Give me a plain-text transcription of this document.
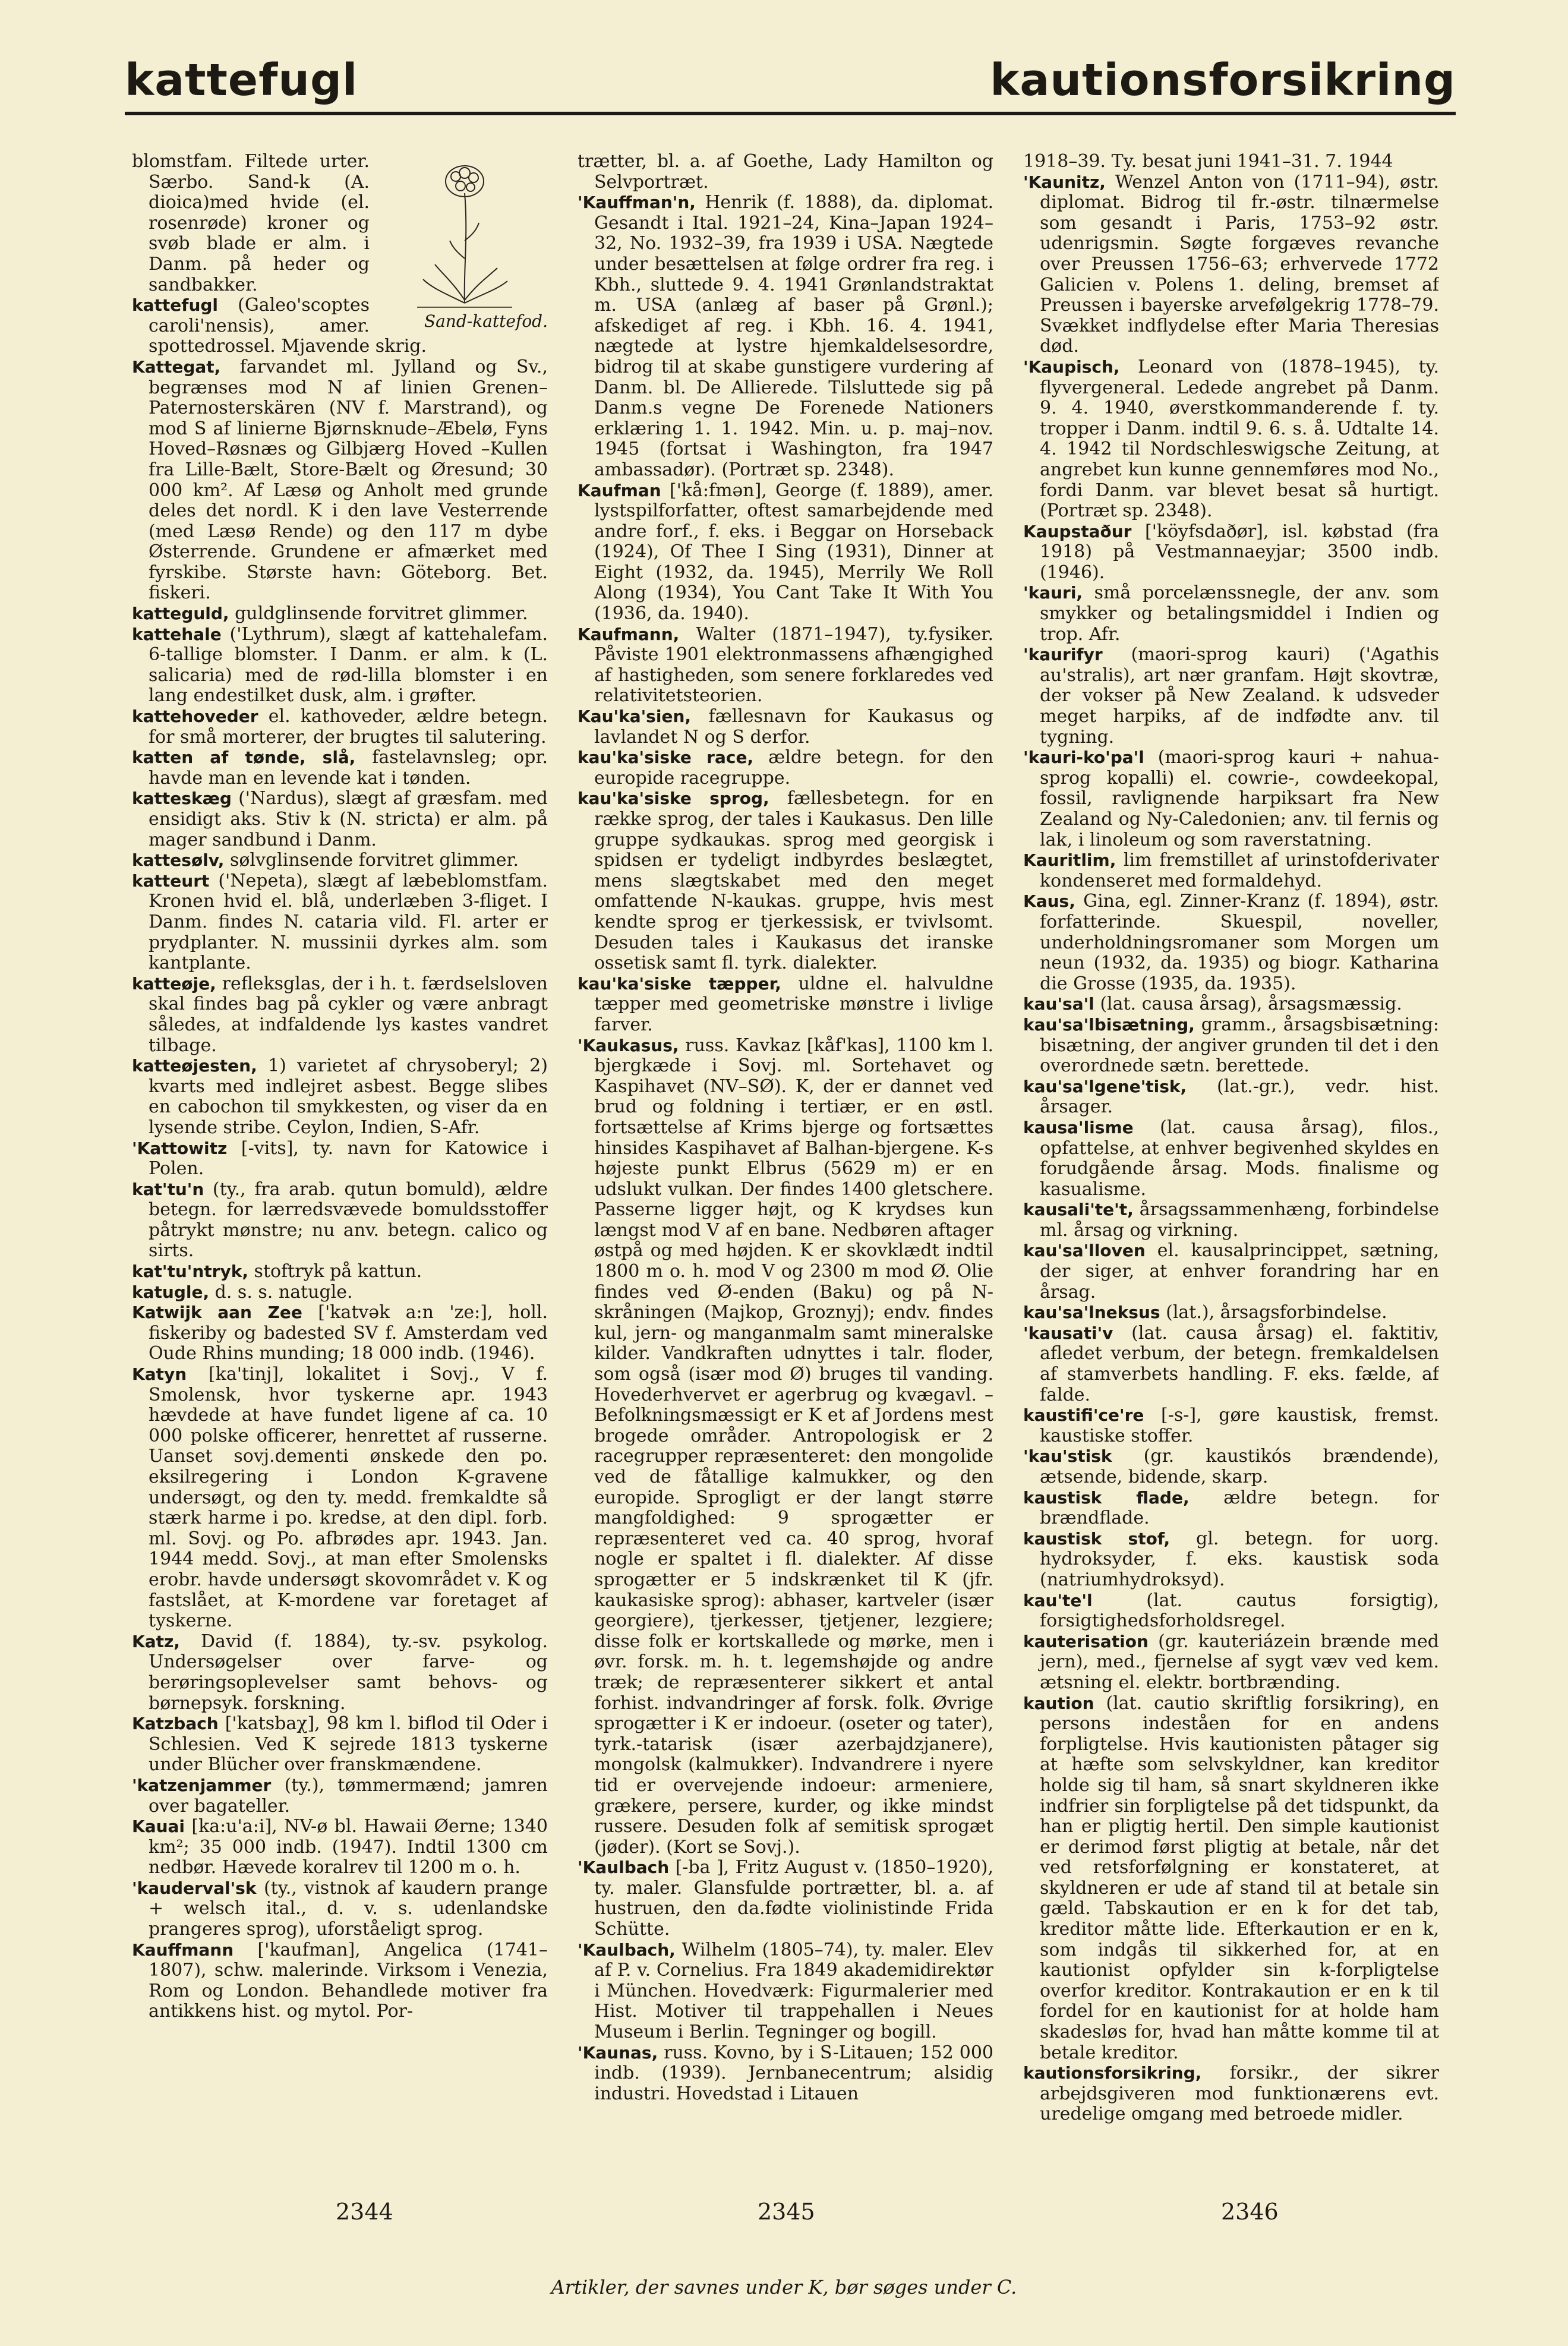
kattefugl	kautionsforsikring
Sand-kattefod.

blomstfam. Filtede urter. Særbo. Sand-k (A. dioica)med hvide (el. rosenrøde) kroner og svøb blade er alm. i Danm. på heder og sandbakker.

kattefugl (Galeo'scoptes caroli'nensis), amer. spottedrossel. Mjavende skrig.

Kattegat, farvandet ml. Jylland og Sv., begrænses mod N af linien Grenen–Paternosterskären (NV f. Marstrand), og mod S af linierne Bjørnsknude–Æbelø, Fyns Hoved–Røsnæs og Gilbjærg Hoved –Kullen fra Lille-Bælt, Store-Bælt og Øresund; 30 000 km². Af Læsø og Anholt med grunde deles det nordl. K i den lave Vesterrende (med Læsø Rende) og den 117 m dybe Østerrende. Grundene er afmærket med fyrskibe. Største havn: Göteborg. Bet. fiskeri.

katteguld, guldglinsende forvitret glimmer.

kattehale ('Lythrum), slægt af kattehalefam. 6-tallige blomster. I Danm. er alm. k (L. salicaria) med de rød-lilla blomster i en lang endestilket dusk, alm. i grøfter.

kattehoveder el. kathoveder, ældre betegn. for små morterer, der brugtes til salutering.

katten af tønde, slå, fastelavnsleg; opr. havde man en levende kat i tønden.

katteskæg ('Nardus), slægt af græsfam. med ensidigt aks. Stiv k (N. stricta) er alm. på mager sandbund i Danm.

kattesølv, sølvglinsende forvitret glimmer.

katteurt ('Nepeta), slægt af læbeblomstfam. Kronen hvid el. blå, underlæben 3-fliget. I Danm. findes N. cataria vild. Fl. arter er prydplanter. N. mussinii dyrkes alm. som kantplante.

katteøje, refleksglas, der i h. t. færdselsloven skal findes bag på cykler og være anbragt således, at indfaldende lys kastes vandret tilbage.

katteøjesten, 1) varietet af chrysoberyl; 2) kvarts med indlejret asbest. Begge slibes en cabochon til smykkesten, og viser da en lysende stribe. Ceylon, Indien, S-Afr.

'Kattowitz [-vits], ty. navn for Katowice i Polen.

kat'tu'n (ty., fra arab. qutun bomuld), ældre betegn. for lærredsvævede bomuldsstoffer påtrykt mønstre; nu anv. betegn. calico og sirts.

kat'tu'ntryk, stoftryk på kattun.

katugle, d. s. s. natugle.

Katwijk aan Zee ['katvək a:n 'ze:], holl. fiskeriby og badested SV f. Amsterdam ved Oude Rhins munding; 18 000 indb. (1946).

Katyn [ka'tinj], lokalitet i Sovj., V f. Smolensk, hvor tyskerne apr. 1943 hævdede at have fundet ligene af ca. 10 000 polske officerer, henrettet af russerne. Uanset sovj.dementi ønskede den po. eksilregering i London K-gravene undersøgt, og den ty. medd. fremkaldte så stærk harme i po. kredse, at den dipl. forb. ml. Sovj. og Po. afbrødes apr. 1943. Jan. 1944 medd. Sovj., at man efter Smolensks erobr. havde undersøgt skovområdet v. K og fastslået, at K-mordene var foretaget af tyskerne.

Katz, David (f. 1884), ty.-sv. psykolog. Undersøgelser over farve- og berøringsoplevelser samt behovs- og børnepsyk. forskning.

Katzbach ['katsbaχ], 98 km l. biflod til Oder i Schlesien. Ved K sejrede 1813 tyskerne under Blücher over franskmændene.

'katzenjammer (ty.), tømmermænd; jamren over bagateller.

Kauai [ka:u'a:i], NV-ø bl. Hawaii Øerne; 1340 km²; 35 000 indb. (1947). Indtil 1300 cm nedbør. Hævede koralrev til 1200 m o. h.

'kauderval'sk (ty., vistnok af kaudern prange + welsch ital., d. v. s. udenlandske prangeres sprog), uforståeligt sprog.

Kauffmann ['kaufman], Angelica (1741–1807), schw. malerinde. Virksom i Venezia, Rom og London. Behandlede motiver fra antikkens hist. og mytol. Por-

trætter, bl. a. af Goethe, Lady Hamilton og Selvportræt.

'Kauffman'n, Henrik (f. 1888), da. diplomat. Gesandt i Ital. 1921–24, Kina–Japan 1924–32, No. 1932–39, fra 1939 i USA. Nægtede under besættelsen at følge ordrer fra reg. i Kbh., sluttede 9. 4. 1941 Grønlandstraktat m. USA (anlæg af baser på Grønl.); afskediget af reg. i Kbh. 16. 4. 1941, nægtede at lystre hjemkaldelsesordre, bidrog til at skabe gunstigere vurdering af Danm. bl. De Allierede. Tilsluttede sig på Danm.s vegne De Forenede Nationers erklæring 1. 1. 1942. Min. u. p. maj–nov. 1945 (fortsat i Washington, fra 1947 ambassadør). (Portræt sp. 2348).

Kaufman ['kå:fmən], George (f. 1889), amer. lystspilforfatter, oftest samarbejdende med andre forf., f. eks. i Beggar on Horseback (1924), Of Thee I Sing (1931), Dinner at Eight (1932, da. 1945), Merrily We Roll Along (1934), You Cant Take It With You (1936, da. 1940).

Kaufmann, Walter (1871–1947), ty.fysiker. Påviste 1901 elektronmassens afhængighed af hastigheden, som senere forklaredes ved relativitetsteorien.

Kau'ka'sien, fællesnavn for Kaukasus og lavlandet N og S derfor.

kau'ka'siske race, ældre betegn. for den europide racegruppe.

kau'ka'siske sprog, fællesbetegn. for en række sprog, der tales i Kaukasus. Den lille gruppe sydkaukas. sprog med georgisk i spidsen er tydeligt indbyrdes beslægtet, mens slægtskabet med den meget omfattende N-kaukas. gruppe, hvis mest kendte sprog er tjerkessisk, er tvivlsomt. Desuden tales i Kaukasus det iranske ossetisk samt fl. tyrk. dialekter.

kau'ka'siske tæpper, uldne el. halvuldne tæpper med geometriske mønstre i livlige farver.

'Kaukasus, russ. Kavkaz [kåf'kas], 1100 km l. bjergkæde i Sovj. ml. Sortehavet og Kaspihavet (NV–SØ). K, der er dannet ved brud og foldning i tertiær, er en østl. fortsættelse af Krims bjerge og fortsættes hinsides Kaspihavet af Balhan-bjergene. K-s højeste punkt Elbrus (5629 m) er en udslukt vulkan. Der findes 1400 gletschere. Passerne ligger højt, og K krydses kun længst mod V af en bane. Nedbøren aftager østpå og med højden. K er skovklædt indtil 1800 m o. h. mod V og 2300 m mod Ø. Olie findes ved Ø-enden (Baku) og på N-skråningen (Majkop, Groznyj); endv. findes kul, jern- og manganmalm samt mineralske kilder. Vandkraften udnyttes i talr. floder, som også (især mod Ø) bruges til vanding. Hovederhvervet er agerbrug og kvægavl. – Befolkningsmæssigt er K et af Jordens mest brogede områder. Antropologisk er 2 racegrupper repræsenteret: den mongolide ved de fåtallige kalmukker, og den europide. Sprogligt er der langt større mangfoldighed: 9 sprogætter er repræsenteret ved ca. 40 sprog, hvoraf nogle er spaltet i fl. dialekter. Af disse sprogætter er 5 indskrænket til K (jfr. kaukasiske sprog): abhaser, kartveler (især georgiere), tjerkesser, tjetjener, lezgiere; disse folk er kortskallede og mørke, men i øvr. forsk. m. h. t. legemshøjde og andre træk; de repræsenterer sikkert et antal forhist. indvandringer af forsk. folk. Øvrige sprogætter i K er indoeur. (oseter og tater), tyrk.-tatarisk (især azerbajdzjanere), mongolsk (kalmukker). Indvandrere i nyere tid er overvejende indoeur: armeniere, grækere, persere, kurder, og ikke mindst russere. Desuden folk af semitisk sprogæt (jøder). (Kort se Sovj.).

'Kaulbach [-ba ], Fritz August v. (1850–1920), ty. maler. Glansfulde portrætter, bl. a. af hustruen, den da.fødte violinistinde Frida Schütte.

'Kaulbach, Wilhelm (1805–74), ty. maler. Elev af P. v. Cornelius. Fra 1849 akademidirektør i München. Hovedværk: Figurmalerier med Hist. Motiver til trappehallen i Neues Museum i Berlin. Tegninger og bogill.

'Kaunas, russ. Kovno, by i S-Litauen; 152 000 indb. (1939). Jernbanecentrum; alsidig industri. Hovedstad i Litauen

1918–39. Ty. besat juni 1941–31. 7. 1944

'Kaunitz, Wenzel Anton von (1711–94), østr. diplomat. Bidrog til fr.-østr. tilnærmelse som gesandt i Paris, 1753–92 østr. udenrigsmin. Søgte forgæves revanche over Preussen 1756–63; erhvervede 1772 Galicien v. Polens 1. deling, bremset af Preussen i bayerske arvefølgekrig 1778–79. Svækket indflydelse efter Maria Theresias død.

'Kaupisch, Leonard von (1878–1945), ty. flyvergeneral. Ledede angrebet på Danm. 9. 4. 1940, øverstkommanderende f. ty. tropper i Danm. indtil 9. 6. s. å. Udtalte 14. 4. 1942 til Nordschleswigsche Zeitung, at angrebet kun kunne gennemføres mod No., fordi Danm. var blevet besat så hurtigt. (Portræt sp. 2348).

Kaupstaður ['köyfsdaðør], isl. købstad (fra 1918) på Vestmannaeyjar; 3500 indb. (1946).

'kauri, små porcelænssnegle, der anv. som smykker og betalingsmiddel i Indien og trop. Afr.

'kaurifyr (maori-sprog kauri) ('Agathis au'stralis), art nær granfam. Højt skovtræ, der vokser på New Zealand. k udsveder meget harpiks, af de indfødte anv. til tygning.

'kauri-ko'pa'l (maori-sprog kauri + nahua-sprog kopalli) el. cowrie-, cowdeekopal, fossil, ravlignende harpiksart fra New Zealand og Ny-Caledonien; anv. til fernis og lak, i linoleum og som raverstatning.

Kauritlim, lim fremstillet af urinstofderivater kondenseret med formaldehyd.

Kaus, Gina, egl. Zinner-Kranz (f. 1894), østr. forfatterinde. Skuespil, noveller, underholdningsromaner som Morgen um neun (1932, da. 1935) og biogr. Katharina die Grosse (1935, da. 1935).

kau'sa'l (lat. causa årsag), årsagsmæssig.

kau'sa'lbisætning, gramm., årsagsbisætning: bisætning, der angiver grunden til det i den overordnede sætn. berettede.

kau'sa'lgene'tisk, (lat.-gr.), vedr. hist. årsager.

kausa'lisme (lat. causa årsag), filos., opfattelse, at enhver begivenhed skyldes en forudgående årsag. Mods. finalisme og kasualisme.

kausali'te't, årsagssammenhæng, forbindelse ml. årsag og virkning.

kau'sa'lloven el. kausalprincippet, sætning, der siger, at enhver forandring har en årsag.

kau'sa'lneksus (lat.), årsagsforbindelse.

'kausati'v (lat. causa årsag) el. faktitiv, afledet verbum, der betegn. fremkaldelsen af stamverbets handling. F. eks. fælde, af falde.

kaustifi'ce're [-s-], gøre kaustisk, fremst. kaustiske stoffer.

'kau'stisk (gr. kaustikós brændende), ætsende, bidende, skarp.

kaustisk flade, ældre betegn. for brændflade.

kaustisk stof, gl. betegn. for uorg. hydroksyder, f. eks. kaustisk soda (natriumhydroksyd).

kau'te'l	(lat. cautus forsigtig), forsigtighedsforholdsregel.

kauterisation (gr. kauteriázein brænde med jern), med., fjernelse af sygt væv ved kem. ætsning el. elektr. bortbrænding.

kaution (lat. cautio skriftlig forsikring), en persons indeståen for en andens forpligtelse. Hvis kautionisten påtager sig at hæfte som selvskyldner, kan kreditor holde sig til ham, så snart skyldneren ikke indfrier sin forpligtelse på det tidspunkt, da han er pligtig hertil. Den simple kautionist er derimod først pligtig at betale, når det ved retsforfølgning er konstateret, at skyldneren er ude af stand til at betale sin gæld. Tabskaution er en k for det tab, kreditor måtte lide. Efterkaution er en k, som indgås til sikkerhed for, at en kautionist opfylder sin k-forpligtelse overfor kreditor. Kontrakaution er en k til fordel for en kautionist for at holde ham skadesløs for, hvad han måtte komme til at betale kreditor.

kautionsforsikring, forsikr., der sikrer arbejdsgiveren mod funktionærens evt. uredelige omgang med betroede midler.

2344	2345	2346
Artikler, der savnes under K, bør søges under C.
